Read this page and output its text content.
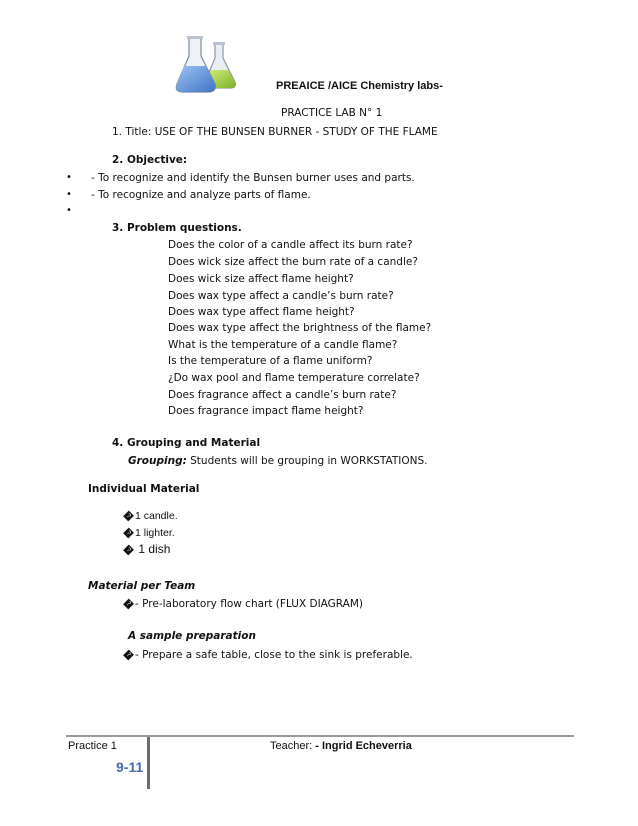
PREAICE /AICE Chemistry labs-
PRACTICE LAB N° 1
1. Title: USE OF THE BUNSEN BURNER - STUDY OF THE FLAME
2. Objective:
• - To recognize and identify the Bunsen burner uses and parts.
• - To recognize and analyze parts of flame.
•
3. Problem questions.
Does the color of a candle affect its burn rate?
Does wick size affect the burn rate of a candle?
Does wick size affect flame height?
Does wax type affect a candle’s burn rate?
Does wax type affect flame height?
Does wax type affect the brightness of the flame?
What is the temperature of a candle flame?
Is the temperature of a flame uniform?
¿Do wax pool and flame temperature correlate?
Does fragrance affect a candle’s burn rate?
Does fragrance impact flame height?
4. Grouping and Material
Grouping: Students will be grouping in WORKSTATIONS.
Individual Material
? 1 candle.
? 1 lighter.
? 1 dish
Material per Team
? - Pre-laboratory flow chart (FLUX DIAGRAM)
A sample preparation
? - Prepare a safe table, close to the sink is preferable.
Practice 1	Teacher: - Ingrid Echeverria
9-11
